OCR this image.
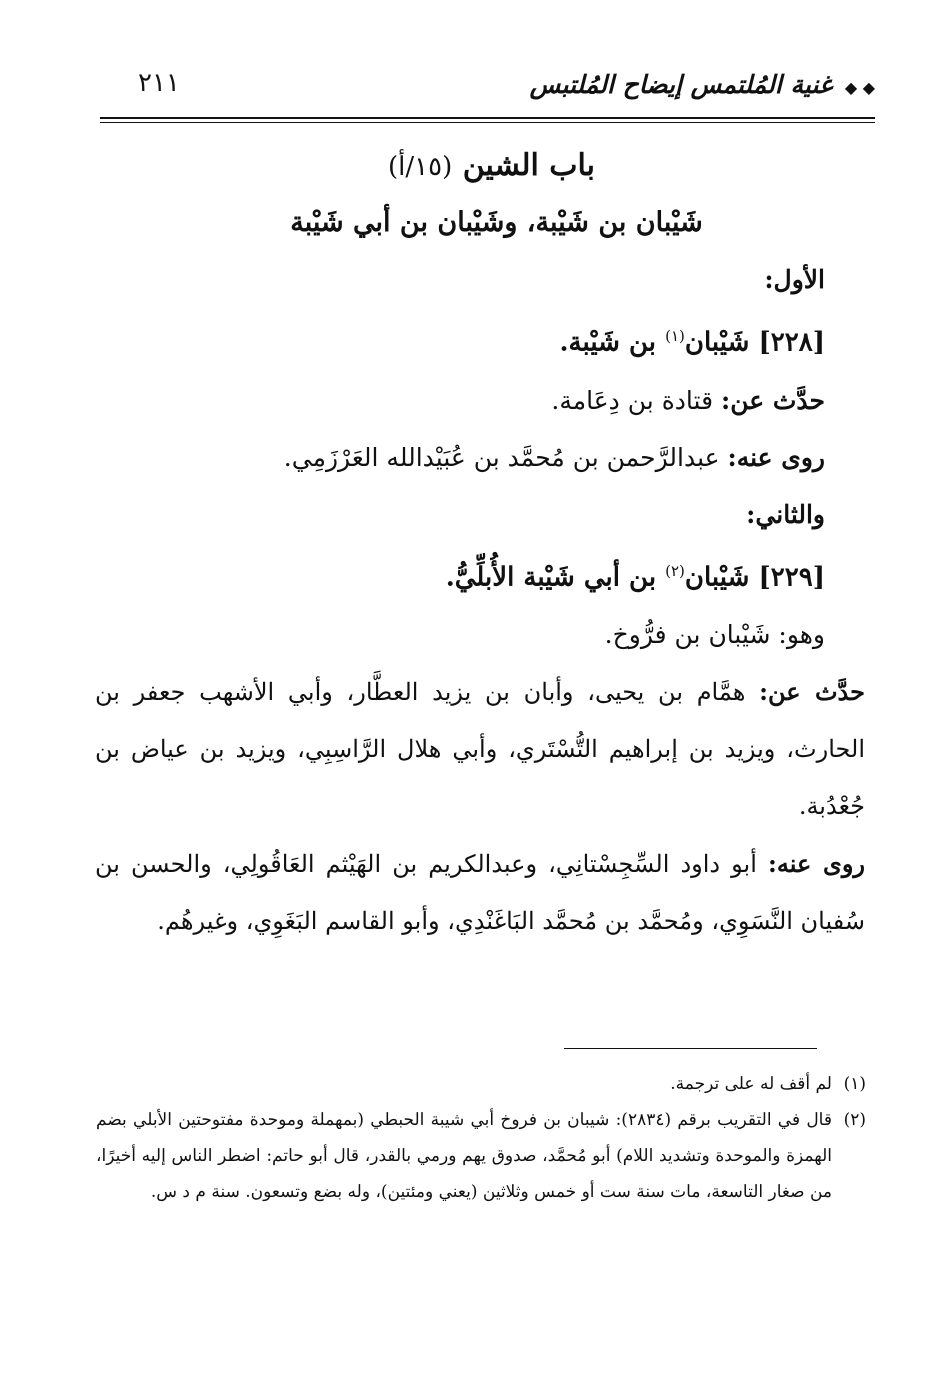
◆ ◆ غنية المُلتمس إيضاح المُلتبس
٢١١
باب الشين (١٥/أ)
شَيْبان بن شَيْبة، وشَيْبان بن أبي شَيْبة
الأول:
[٢٢٨] شَيْبان$^{(١)}$ بن شَيْبة.
حدَّث عن: قتادة بن دِعَامة.
روى عنه: عبدالرَّحمن بن مُحمَّد بن عُبَيْدالله العَرْزَمِي.
والثاني:
[٢٢٩] شَيْبان$^{(٢)}$ بن أبي شَيْبة الأُبلِّيُّ.
وهو: شَيْبان بن فرُّوخ.
حدَّث عن: همَّام بن يحيى، وأبان بن يزيد العطَّار، وأبي الأشهب جعفر بن الحارث، ويزيد بن إبراهيم التُّسْتَري، وأبي هلال الرَّاسِبِي، ويزيد بن عياض بن جُعْدُبة.
روى عنه: أبو داود السِّجِسْتانِي، وعبدالكريم بن الهَيْثم العَاقُولِي، والحسن بن سُفيان النَّسَوِي، ومُحمَّد بن مُحمَّد البَاغَنْدِي، وأبو القاسم البَغَوِي، وغيرهُم.
(١)
لم أقف له على ترجمة.
(٢)
قال في التقريب برقم (٢٨٣٤): شيبان بن فروخ أبي شيبة الحبطي (بمهملة وموحدة مفتوحتين الأبلي بضم الهمزة والموحدة وتشديد اللام) أبو مُحمَّد، صدوق يهم ورمي بالقدر، قال أبو حاتم: اضطر الناس إليه أخيرًا، من صغار التاسعة، مات سنة ست أو خمس وثلاثين (يعني ومئتين)، وله بضع وتسعون. سنة م د س.
